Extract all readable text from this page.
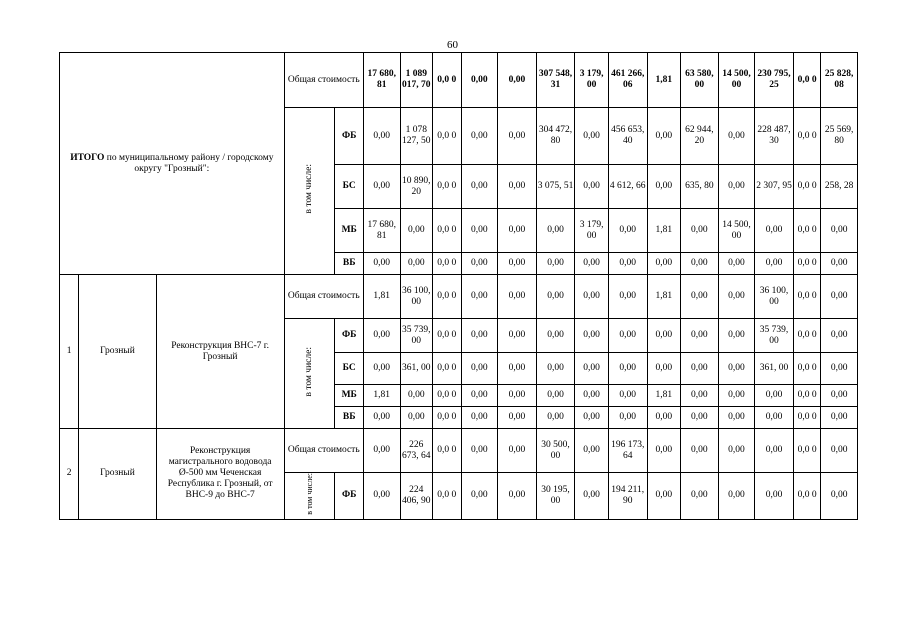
60
ИТОГО по муниципальному району / городскому округу "Грозный":			Общая стоимость		17 680, 81	1 089 017, 70	0,0 0	0,00	0,00	307 548, 31	3 179, 00	461 266, 06	1,81	63 580, 00	14 500, 00	230 795, 25	0,0 0	25 828, 08
			в том числе:	ФБ	0,00	1 078 127, 50	0,0 0	0,00	0,00	304 472, 80	0,00	456 653, 40	0,00	62 944, 20	0,00	228 487, 30	0,0 0	25 569, 80
				БС	0,00	10 890, 20	0,0 0	0,00	0,00	3 075, 51	0,00	4 612, 66	0,00	635, 80	0,00	2 307, 95	0,0 0	258, 28
				МБ	17 680, 81	0,00	0,0 0	0,00	0,00	0,00	3 179, 00	0,00	1,81	0,00	14 500, 00	0,00	0,0 0	0,00
				ВБ	0,00	0,00	0,0 0	0,00	0,00	0,00	0,00	0,00	0,00	0,00	0,00	0,00	0,0 0	0,00
1	Грозный	Реконструкция ВНС-7 г. Грозный	Общая стоимость		1,81	36 100, 00	0,0 0	0,00	0,00	0,00	0,00	0,00	1,81	0,00	0,00	36 100, 00	0,0 0	0,00
			в том числе:	ФБ	0,00	35 739, 00	0,0 0	0,00	0,00	0,00	0,00	0,00	0,00	0,00	0,00	35 739, 00	0,0 0	0,00
				БС	0,00	361, 00	0,0 0	0,00	0,00	0,00	0,00	0,00	0,00	0,00	0,00	361, 00	0,0 0	0,00
				МБ	1,81	0,00	0,0 0	0,00	0,00	0,00	0,00	0,00	1,81	0,00	0,00	0,00	0,0 0	0,00
				ВБ	0,00	0,00	0,0 0	0,00	0,00	0,00	0,00	0,00	0,00	0,00	0,00	0,00	0,0 0	0,00
2	Грозный	Реконструкция магистрального водовода Ø-500 мм Чеченская Республика г. Грозный, от ВНС-9 до ВНС-7	Общая стоимость		0,00	226 673, 64	0,0 0	0,00	0,00	30 500, 00	0,00	196 173, 64	0,00	0,00	0,00	0,00	0,0 0	0,00
			в том числе:	ФБ	0,00	224 406, 90	0,0 0	0,00	0,00	30 195, 00	0,00	194 211, 90	0,00	0,00	0,00	0,00	0,0 0	0,00
